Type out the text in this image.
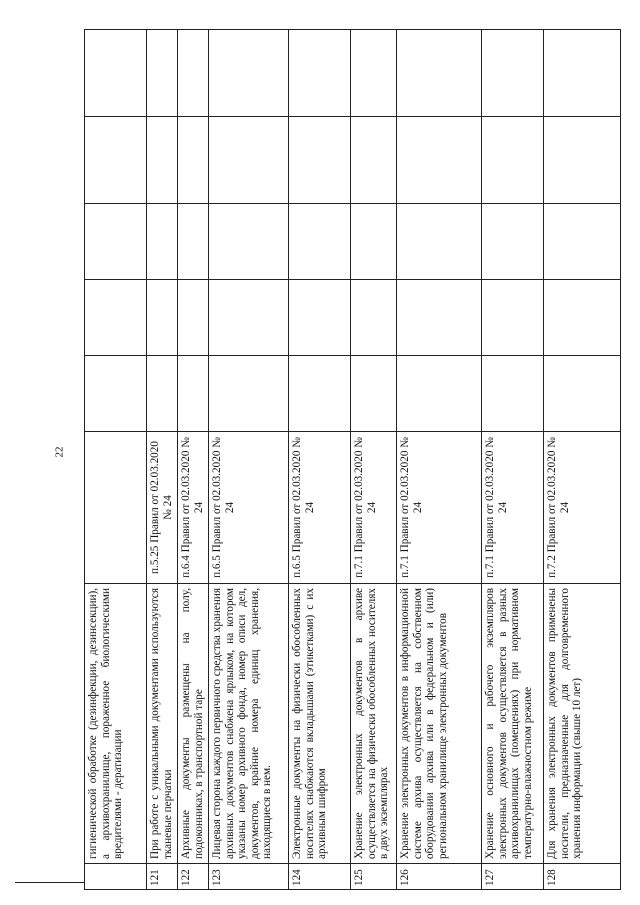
22
	гигиенической обработке (дезинфекции, дезинсекции), а архивохранилище, пораженное биологическими вредителями - дератизации						
121	При работе с уникальными документами используются тканевые перчатки	п.5.25 Правил от 02.03.2020 № 24					
122	Архивные документы размещены на полу, подоконниках, в транспортной таре	п.6.4 Правил от 02.03.2020 № 24					
123	Лицевая сторона каждого первичного средства хранения архивных документов снабжена ярлыком, на котором указаны номер архивного фонда, номер описи дел, документов, крайние номера единиц хранения, находящиеся в нем.	п.6.5 Правил от 02.03.2020 № 24					
124	Электронные документы на физически обособленных носителях снабжаются вкладышами (этикетками) с их архивным шифром	п.6.5 Правил от 02.03.2020 № 24					
125	Хранение электронных документов в архиве осуществляется на физически обособленных носителях в двух экземплярах	п.7.1 Правил от 02.03.2020 № 24					
126	Хранение электронных документов в информационной системе архива осуществляется на собственном оборудовании архива или в федеральном и (или) региональном хранилище электронных документов	п.7.1 Правил от 02.03.2020 № 24					
127	Хранение основного и рабочего экземпляров электронных документов осуществляется в разных архивохранилищах (помещениях) при нормативном температурно-влажностном режиме	п.7.1 Правил от 02.03.2020 № 24					
128	Для хранения электронных документов применены носители, предназначенные для долговременного хранения информации (свыше 10 лет)	п.7.2 Правил от 02.03.2020 № 24					
